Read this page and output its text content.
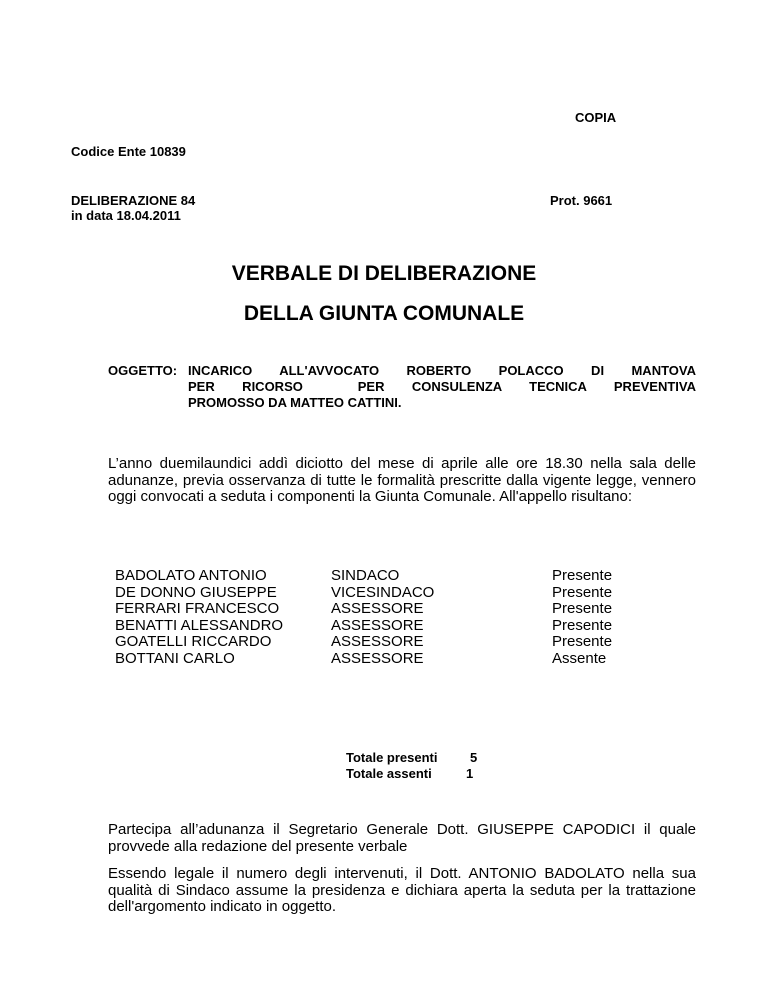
COPIA
Codice Ente 10839
DELIBERAZIONE 84
in data 18.04.2011
Prot. 9661
VERBALE DI DELIBERAZIONE
DELLA GIUNTA COMUNALE
OGGETTO: INCARICO ALL'AVVOCATO ROBERTO POLACCO DI MANTOVA
PER RICORSO  PER CONSULENZA TECNICA PREVENTIVA
PROMOSSO DA MATTEO CATTINI.
L’anno duemilaundici addì diciotto del mese di aprile alle ore 18.30 nella sala delle adunanze, previa osservanza di tutte le formalità prescritte dalla vigente legge, vennero oggi convocati a seduta i componenti la Giunta Comunale. All'appello risultano:
BADOLATO ANTONIO
DE DONNO GIUSEPPE
FERRARI FRANCESCO
BENATTI ALESSANDRO
GOATELLI RICCARDO
BOTTANI CARLO
SINDACO
VICESINDACO
ASSESSORE
ASSESSORE
ASSESSORE
ASSESSORE
Presente
Presente
Presente
Presente
Presente
Assente
Totale presenti 5
Totale assenti	1
Partecipa all’adunanza il Segretario Generale Dott. GIUSEPPE CAPODICI il quale provvede alla redazione del presente verbale
Essendo legale il numero degli intervenuti, il Dott. ANTONIO BADOLATO nella sua qualità di Sindaco assume la presidenza e dichiara aperta la seduta per la trattazione dell'argomento indicato in oggetto.
